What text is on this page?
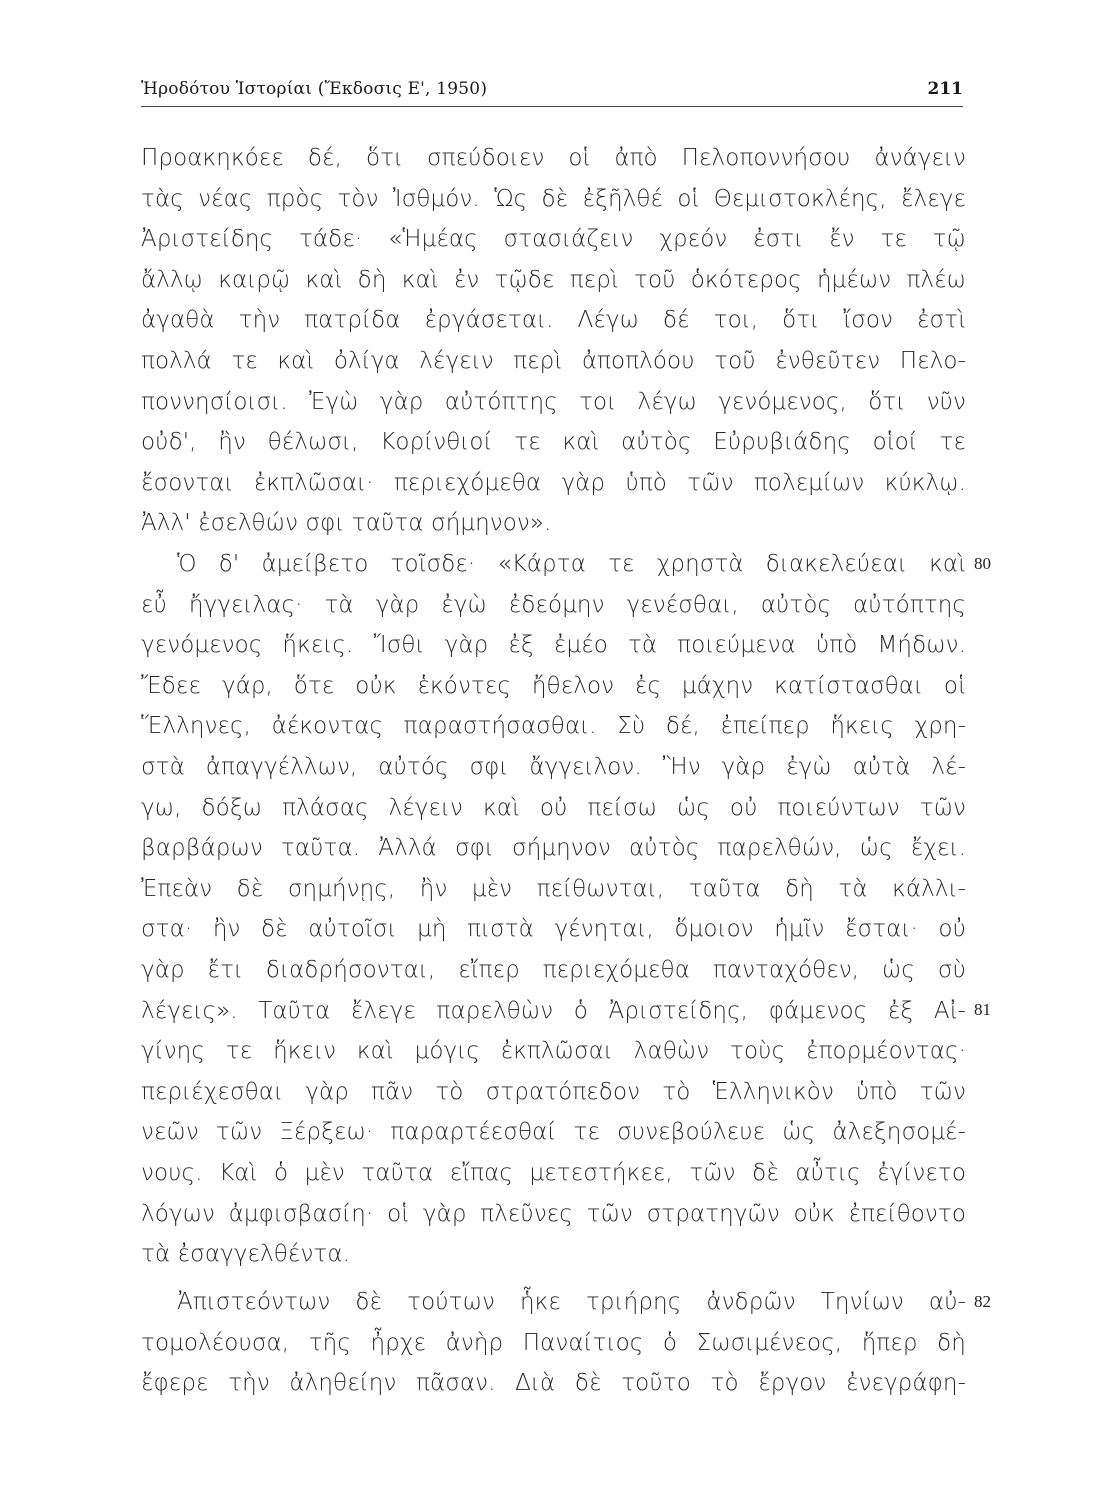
Ἡροδότου Ἱστορίαι (Ἔκδοσις Ε', 1950)	211
Προακηκόεε δέ, ὅτι σπεύδοιεν οἱ ἀπὸ Πελοποννήσου ἀνάγειν
τὰς νέας πρὸς τὸν Ἰσθμόν. Ὡς δὲ ἐξῆλθέ οἱ Θεμιστοκλέης, ἔλεγε
Ἀριστείδης τάδε· «Ἡμέας στασιάζειν χρεόν ἐστι ἔν τε τῷ
ἄλλῳ καιρῷ καὶ δὴ καὶ ἐν τῷδε περὶ τοῦ ὁκότερος ἡμέων πλέω
ἀγαθὰ τὴν πατρίδα ἐργάσεται. Λέγω δέ τοι, ὅτι ἴσον ἐστὶ
πολλά τε καὶ ὀλίγα λέγειν περὶ ἀποπλόου τοῦ ἐνθεῦτεν Πελο-
ποννησίοισι. Ἐγὼ γὰρ αὐτόπτης τοι λέγω γενόμενος, ὅτι νῦν
οὐδ', ἢν θέλωσι, Κορίνθιοί τε καὶ αὐτὸς Εὐρυβιάδης οἱοί τε
ἔσονται ἐκπλῶσαι· περιεχόμεθα γὰρ ὑπὸ τῶν πολεμίων κύκλῳ.
Ἀλλ' ἐσελθών σφι ταῦτα σήμηνον».
Ὁ δ' ἀμείβετο τοῖσδε· «Κάρτα τε χρηστὰ διακελεύεαι καὶ
εὖ ἤγγειλας· τὰ γὰρ ἐγὼ ἐδεόμην γενέσθαι, αὐτὸς αὐτόπτης
γενόμενος ἥκεις. Ἴσθι γὰρ ἐξ ἐμέο τὰ ποιεύμενα ὑπὸ Μήδων.
Ἔδεε γάρ, ὅτε οὐκ ἑκόντες ἤθελον ἐς μάχην κατίστασθαι οἱ
Ἕλληνες, ἀέκοντας παραστήσασθαι. Σὺ δέ, ἐπείπερ ἥκεις χρη-
στὰ ἀπαγγέλλων, αὐτός σφι ἄγγειλον. Ἢν γὰρ ἐγὼ αὐτὰ λέ-
γω, δόξω πλάσας λέγειν καὶ οὐ πείσω ὡς οὐ ποιεύντων τῶν
βαρβάρων ταῦτα. Ἀλλά σφι σήμηνον αὐτὸς παρελθών, ὡς ἔχει.
Ἐπεὰν δὲ σημήνῃς, ἢν μὲν πείθωνται, ταῦτα δὴ τὰ κάλλι-
στα· ἢν δὲ αὐτοῖσι μὴ πιστὰ γένηται, ὅμοιον ἡμῖν ἔσται· οὐ
γὰρ ἔτι διαδρήσονται, εἴπερ περιεχόμεθα πανταχόθεν, ὡς σὺ
λέγεις». Ταῦτα ἔλεγε παρελθὼν ὁ Ἀριστείδης, φάμενος ἐξ Αἰ-
γίνης τε ἥκειν καὶ μόγις ἐκπλῶσαι λαθὼν τοὺς ἐπορμέοντας·
περιέχεσθαι γὰρ πᾶν τὸ στρατόπεδον τὸ Ἑλληνικὸν ὑπὸ τῶν
νεῶν τῶν Ξέρξεω· παραρτέεσθαί τε συνεβούλευε ὡς ἀλεξησομέ-
νους. Καὶ ὁ μὲν ταῦτα εἴπας μετεστήκεε, τῶν δὲ αὖτις ἐγίνετο
λόγων ἀμφισβασίη· οἱ γὰρ πλεῦνες τῶν στρατηγῶν οὐκ ἐπείθοντο
τὰ ἐσαγγελθέντα.
Ἀπιστεόντων δὲ τούτων ἧκε τριήρης ἀνδρῶν Τηνίων αὐ-
τομολέουσα, τῆς ἦρχε ἀνὴρ Παναίτιος ὁ Σωσιμένεος, ἥπερ δὴ
ἔφερε τὴν ἀληθείην πᾶσαν. Διὰ δὲ τοῦτο τὸ ἔργον ἐνεγράφη-
80
81
82
